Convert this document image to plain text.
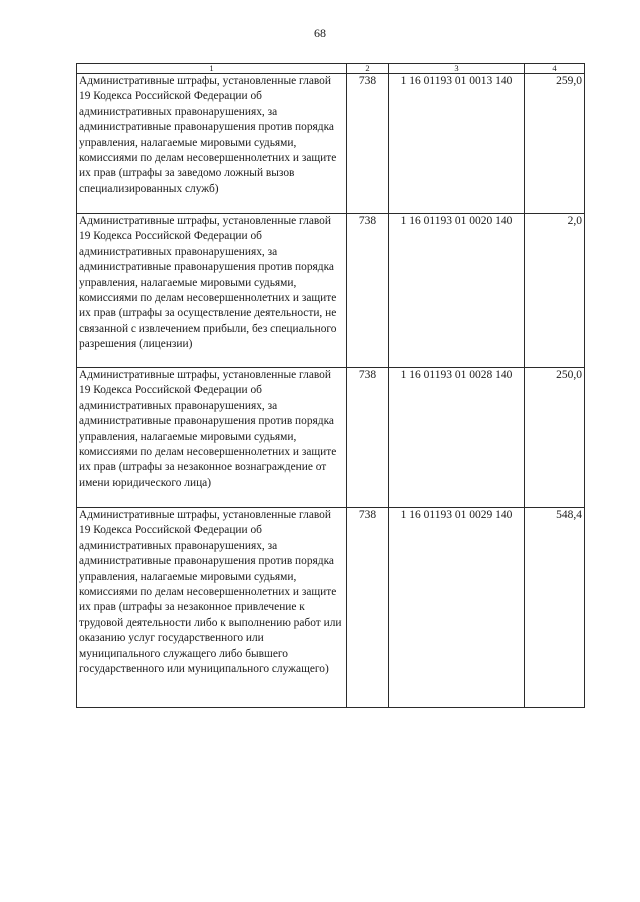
68
1	2	3	4
Административные штрафы, установленные главой 19 Кодекса Российской Федерации об административных правонарушениях, за административные правонарушения против порядка управления, налагаемые мировыми судьями, комиссиями по делам несовершеннолетних и защите их прав (штрафы за заведомо ложный вызов специализированных служб)	738	1 16 01193 01 0013 140	259,0
Административные штрафы, установленные главой 19 Кодекса Российской Федерации об административных правонарушениях, за административные правонарушения против порядка управления, налагаемые мировыми судьями, комиссиями по делам несовершеннолетних и защите их прав (штрафы за осуществление деятельности, не связанной с извлечением прибыли, без специального разрешения (лицензии)	738	1 16 01193 01 0020 140	2,0
Административные штрафы, установленные главой 19 Кодекса Российской Федерации об административных правонарушениях, за административные правонарушения против порядка управления, налагаемые мировыми судьями, комиссиями по делам несовершеннолетних и защите их прав (штрафы за незаконное вознаграждение от имени юридического лица)	738	1 16 01193 01 0028 140	250,0
Административные штрафы, установленные главой 19 Кодекса Российской Федерации об административных правонарушениях, за административные правонарушения против порядка управления, налагаемые мировыми судьями, комиссиями по делам несовершеннолетних и защите их прав (штрафы за незаконное привлечение к трудовой деятельности либо к выполнению работ или оказанию услуг государственного или муниципального служащего либо бывшего государственного или муниципального служащего)	738	1 16 01193 01 0029 140	548,4
